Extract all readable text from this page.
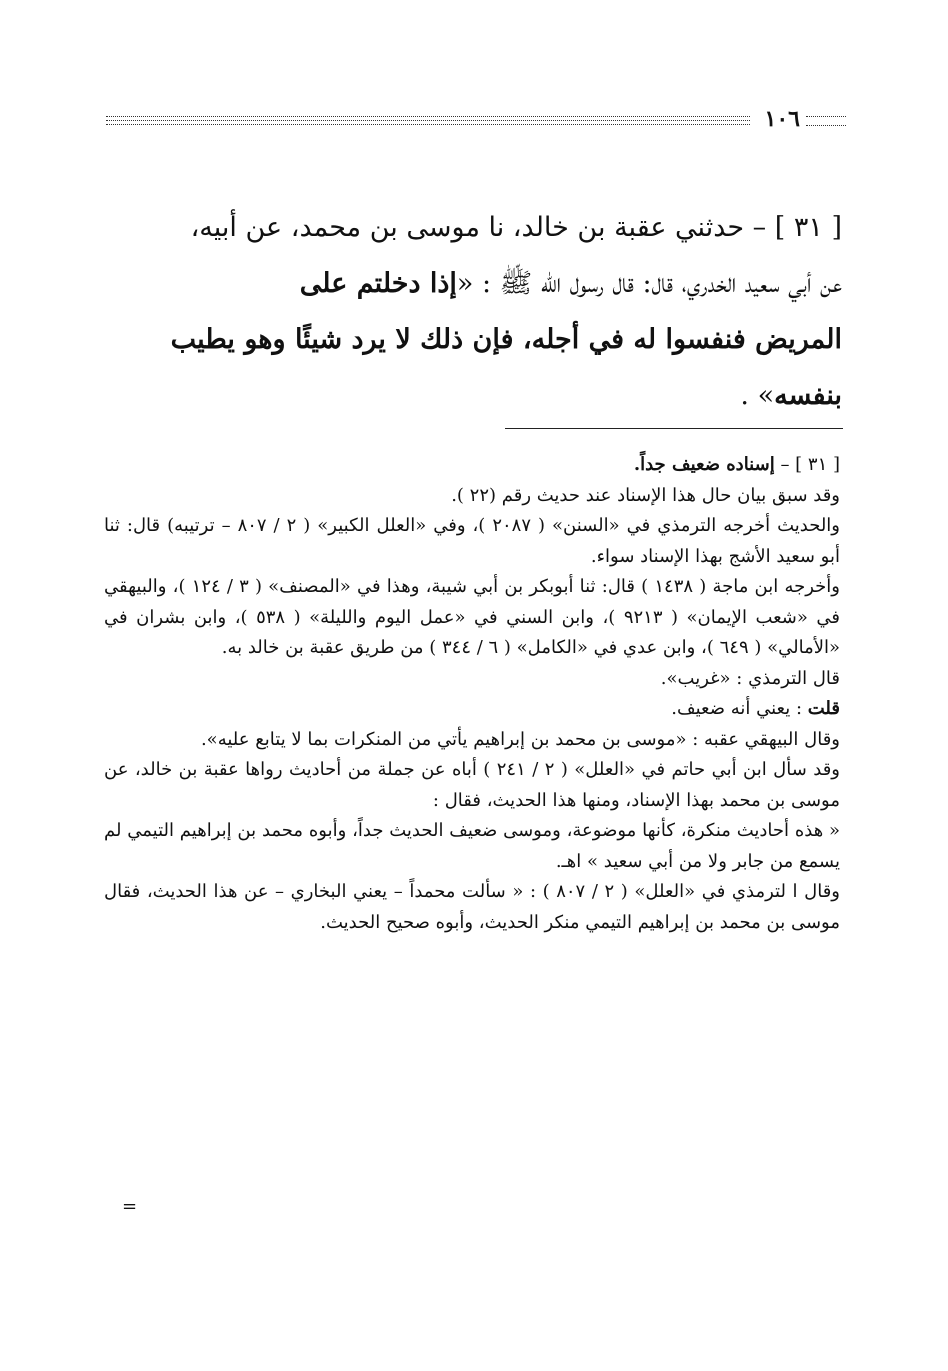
١٠٦

[ ٣١ ] – حدثني عقبة بن خالد، نا موسى بن محمد، عن أبيه،

عن أبي سعيد الخدري، قال: قال رسول الله ﷺ : «إذا دخلتم على

المريض فنفسوا له في أجله، فإن ذلك لا يرد شيئًا وهو يطيب

بنفسه» .

[ ٣١ ] – إسناده ضعيف جداً.

وقد سبق بيان حال هذا الإسناد عند حديث رقم (٢٢ ).

والحديث أخرجه الترمذي في «السنن» ( ٢٠٨٧ )، وفي «العلل الكبير» ( ٢ / ٨٠٧ – ترتيبه) قال: ثنا أبو سعيد الأشج بهذا الإسناد سواء.

وأخرجه ابن ماجة ( ١٤٣٨ ) قال: ثنا أبوبكر بن أبي شيبة، وهذا في «المصنف» ( ٣ / ١٢٤ )، والبيهقي في «شعب الإيمان» ( ٩٢١٣ )، وابن السني في «عمل اليوم والليلة» ( ٥٣٨ )، وابن بشران في «الأمالي» ( ٦٤٩ )، وابن عدي في «الكامل» ( ٦ / ٣٤٤ ) من طريق عقبة بن خالد به.

قال الترمذي : «غريب».

قلت : يعني أنه ضعيف.

وقال البيهقي عقبه : «موسى بن محمد بن إبراهيم يأتي من المنكرات بما لا يتابع عليه».

وقد سأل ابن أبي حاتم في «العلل» ( ٢ / ٢٤١ ) أباه عن جملة من أحاديث رواها عقبة بن خالد، عن موسى بن محمد بهذا الإسناد، ومنها هذا الحديث، فقال :

« هذه أحاديث منكرة، كأنها موضوعة، وموسى ضعيف الحديث جداً، وأبوه محمد بن إبراهيم التيمي لم يسمع من جابر ولا من أبي سعيد » اهـ.

وقال ا لترمذي في «العلل» ( ٢ / ٨٠٧ ) : « سألت محمداً – يعني البخاري – عن هذا الحديث، فقال موسى بن محمد بن إبراهيم التيمي منكر الحديث، وأبوه صحيح الحديث.

=
